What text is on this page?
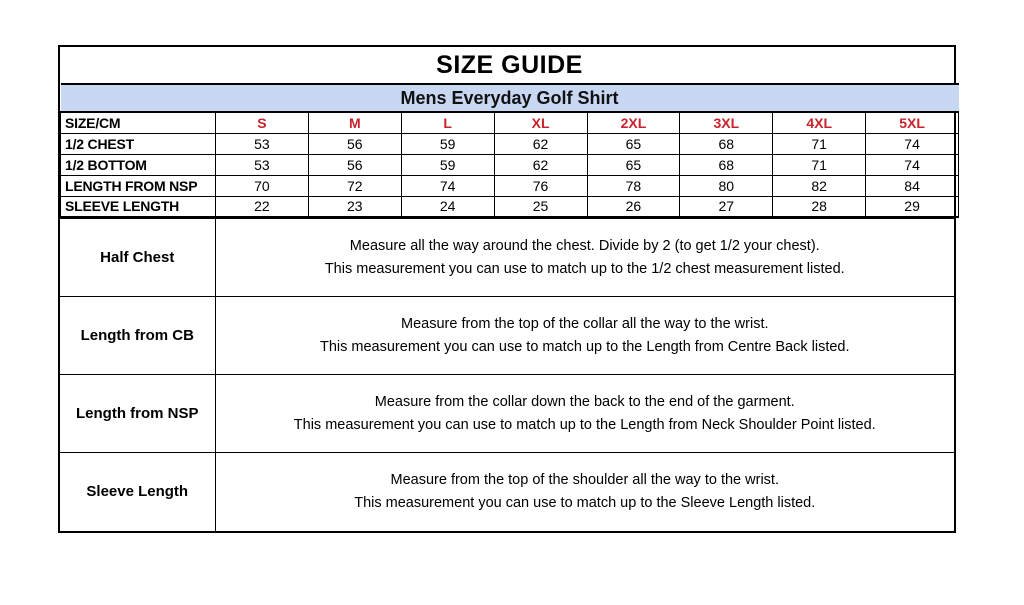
SIZE GUIDE								
Mens Everyday Golf Shirt								
SIZE/CM	S	M	L	XL	2XL	3XL	4XL	5XL
1/2 CHEST	53	56	59	62	65	68	71	74
1/2 BOTTOM	53	56	59	62	65	68	71	74
LENGTH FROM NSP	70	72	74	76	78	80	82	84
SLEEVE LENGTH	22	23	24	25	26	27	28	29
Half Chest	Measure all the way around the chest. Divide by 2 (to get 1/2 your chest).
This measurement you can use to match up to the 1/2 chest measurement listed.

Length from CB	Measure from the top of the collar all the way to the wrist.
This measurement you can use to match up to the Length from Centre Back listed.

Length from NSP	Measure from the collar down the back to the end of the garment.
This measurement you can use to match up to the Length from Neck Shoulder Point listed.

Sleeve Length	Measure from the top of the shoulder all the way to the wrist.
This measurement you can use to match up to the Sleeve Length listed.
